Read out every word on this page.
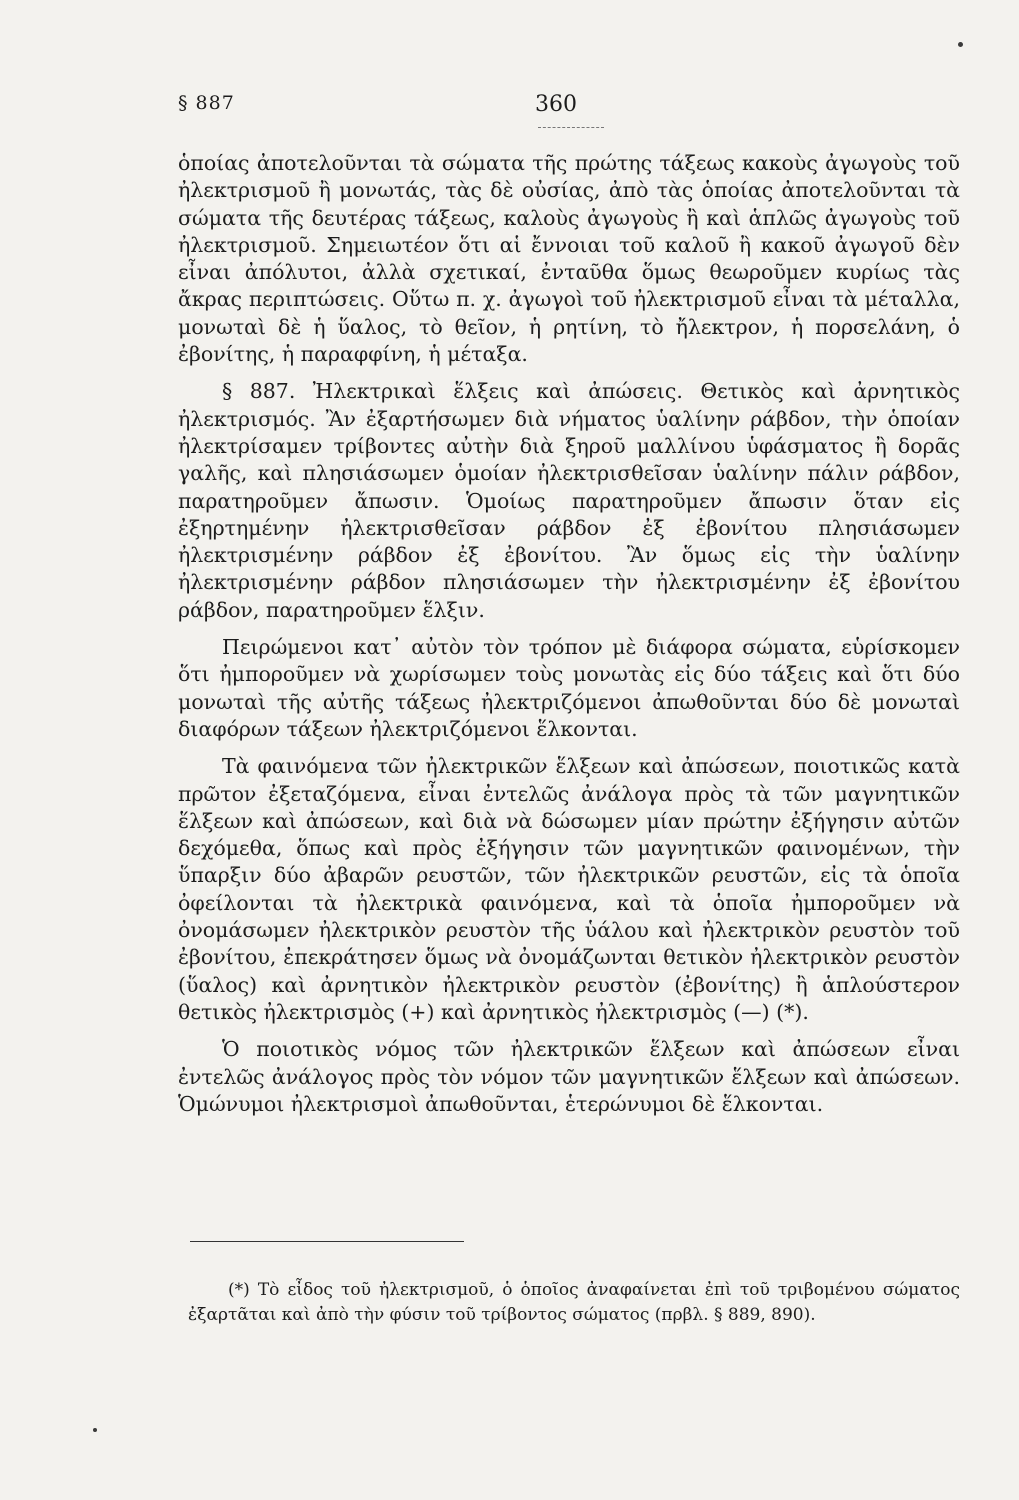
§ 887	360

ὁποίας ἀποτελοῦνται τὰ σώματα τῆς πρώτης τάξεως κακοὺς ἀγωγοὺς τοῦ ἠλεκτρισμοῦ ἢ μονωτάς, τὰς δὲ οὐσίας, ἀπὸ τὰς ὁποίας ἀποτελοῦνται τὰ σώματα τῆς δευτέρας τάξεως, καλοὺς ἀγωγοὺς ἢ καὶ ἁπλῶς ἀγωγοὺς τοῦ ἠλεκτρισμοῦ. Σημειωτέον ὅτι αἱ ἔννοιαι τοῦ καλοῦ ἢ κακοῦ ἀγωγοῦ δὲν εἶναι ἀπόλυτοι, ἀλλὰ σχετικαί, ἐνταῦθα ὅμως θεωροῦμεν κυρίως τὰς ἄκρας περιπτώσεις. Οὕτω π. χ. ἀγωγοὶ τοῦ ἠλεκτρισμοῦ εἶναι τὰ μέταλλα, μονωταὶ δὲ ἡ ὕαλος, τὸ θεῖον, ἡ ρητίνη, τὸ ἤλεκτρον, ἡ πορσελάνη, ὁ ἐβονίτης, ἡ παραφφίνη, ἡ μέταξα.

§ 887. Ἠλεκτρικαὶ ἕλξεις καὶ ἀπώσεις. Θετικὸς καὶ ἀρνητικὸς ἠλεκτρισμός. Ἂν ἐξαρτήσωμεν διὰ νήματος ὑαλίνην ράβδον, τὴν ὁποίαν ἠλεκτρίσαμεν τρίβοντες αὐτὴν διὰ ξηροῦ μαλλίνου ὑφάσματος ἢ δορᾶς γαλῆς, καὶ πλησιάσωμεν ὁμοίαν ἠλεκτρισθεῖσαν ὑαλίνην πάλιν ράβδον, παρατηροῦμεν ἄπωσιν. Ὁμοίως παρατηροῦμεν ἄπωσιν ὅταν εἰς ἐξηρτημένην ἠλεκτρισθεῖσαν ράβδον ἐξ ἐβονίτου πλησιάσωμεν ἠλεκτρισμένην ράβδον ἐξ ἐβονίτου. Ἂν ὅμως εἰς τὴν ὑαλίνην ἠλεκτρισμένην ράβδον πλησιάσωμεν τὴν ἠλεκτρισμένην ἐξ ἐβονίτου ράβδον, παρατηροῦμεν ἕλξιν.

Πειρώμενοι κατ᾽ αὐτὸν τὸν τρόπον μὲ διάφορα σώματα, εὑρίσκομεν ὅτι ἠμποροῦμεν νὰ χωρίσωμεν τοὺς μονωτὰς εἰς δύο τάξεις καὶ ὅτι δύο μονωταὶ τῆς αὐτῆς τάξεως ἠλεκτριζόμενοι ἀπωθοῦνται δύο δὲ μονωταὶ διαφόρων τάξεων ἠλεκτριζόμενοι ἕλκονται.

Τὰ φαινόμενα τῶν ἠλεκτρικῶν ἕλξεων καὶ ἀπώσεων, ποιοτικῶς κατὰ πρῶτον ἐξεταζόμενα, εἶναι ἐντελῶς ἀνάλογα πρὸς τὰ τῶν μαγνητικῶν ἕλξεων καὶ ἀπώσεων, καὶ διὰ νὰ δώσωμεν μίαν πρώτην ἐξήγησιν αὐτῶν δεχόμεθα, ὅπως καὶ πρὸς ἐξήγησιν τῶν μαγνητικῶν φαινομένων, τὴν ὕπαρξιν δύο ἀβαρῶν ρευστῶν, τῶν ἠλεκτρικῶν ρευστῶν, εἰς τὰ ὁποῖα ὀφείλονται τὰ ἠλεκτρικὰ φαινόμενα, καὶ τὰ ὁποῖα ἠμποροῦμεν νὰ ὀνομάσωμεν ἠλεκτρικὸν ρευστὸν τῆς ὑάλου καὶ ἠλεκτρικὸν ρευστὸν τοῦ ἐβονίτου, ἐπεκράτησεν ὅμως νὰ ὀνομάζωνται θετικὸν ἠλεκτρικὸν ρευστὸν (ὕαλος) καὶ ἀρνητικὸν ἠλεκτρικὸν ρευστὸν (ἐβονίτης) ἢ ἁπλούστερον θετικὸς ἠλεκτρισμὸς (+) καὶ ἀρνητικὸς ἠλεκτρισμὸς (—) (*).

Ὁ ποιοτικὸς νόμος τῶν ἠλεκτρικῶν ἕλξεων καὶ ἀπώσεων εἶναι ἐντελῶς ἀνάλογος πρὸς τὸν νόμον τῶν μαγνητικῶν ἕλξεων καὶ ἀπώσεων. Ὁμώνυμοι ἠλεκτρισμοὶ ἀπωθοῦνται, ἑτερώνυμοι δὲ ἕλκονται.

(*) Τὸ εἶδος τοῦ ἠλεκτρισμοῦ, ὁ ὁποῖος ἀναφαίνεται ἐπὶ τοῦ τριβομένου σώματος ἐξαρτᾶται καὶ ἀπὸ τὴν φύσιν τοῦ τρίβοντος σώματος (πρβλ. § 889, 890).
